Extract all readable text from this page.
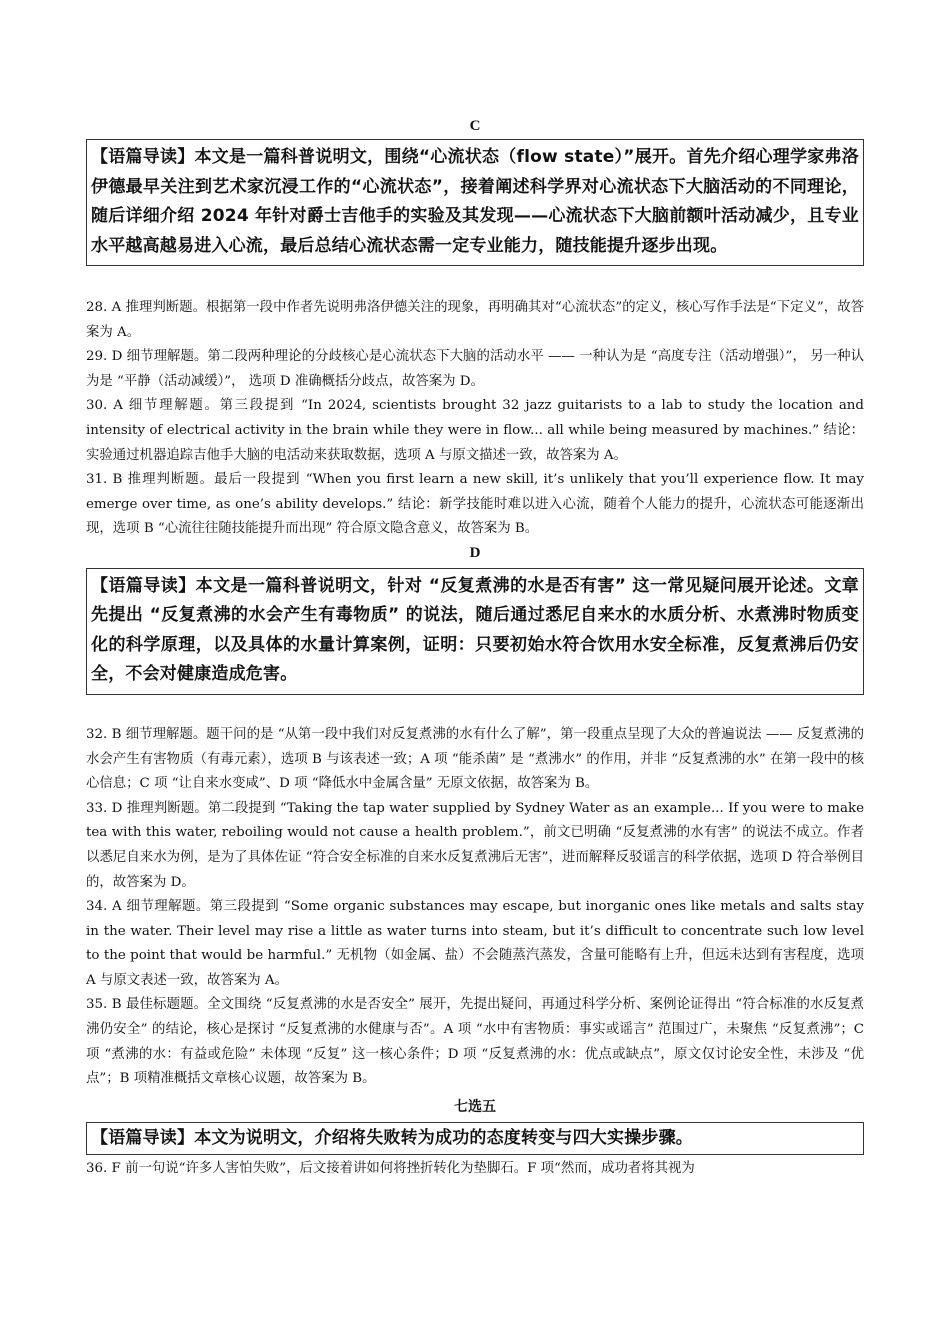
C
【语篇导读】本文是一篇科普说明文，围绕“心流状态（flow state）”展开。首先介绍心理学家弗洛伊德最早关注到艺术家沉浸工作的“心流状态”，接着阐述科学界对心流状态下大脑活动的不同理论，随后详细介绍 2024 年针对爵士吉他手的实验及其发现——心流状态下大脑前额叶活动减少，且专业水平越高越易进入心流，最后总结心流状态需一定专业能力，随技能提升逐步出现。

28. A 推理判断题。根据第一段中作者先说明弗洛伊德关注的现象，再明确其对“心流状态”的定义，核心写作手法是“下定义”，故答案为 A。

29. D 细节理解题。第二段两种理论的分歧核心是心流状态下大脑的活动水平 —— 一种认为是 “高度专注（活动增强）”， 另一种认为是 “平静（活动减缓）”， 选项 D 准确概括分歧点，故答案为 D。

30. A 细节理解题。第三段提到 “In 2024, scientists brought 32 jazz guitarists to a lab to study the location and intensity of electrical activity in the brain while they were in flow... all while being measured by machines.” 结论：实验通过机器追踪吉他手大脑的电活动来获取数据，选项 A 与原文描述一致，故答案为 A。

31. B 推理判断题。最后一段提到 “When you first learn a new skill, it’s unlikely that you’ll experience flow. It may emerge over time, as one’s ability develops.” 结论：新学技能时难以进入心流，随着个人能力的提升，心流状态可能逐渐出现，选项 B “心流往往随技能提升而出现” 符合原文隐含意义，故答案为 B。

D
【语篇导读】本文是一篇科普说明文，针对 “反复煮沸的水是否有害” 这一常见疑问展开论述。文章先提出 “反复煮沸的水会产生有毒物质” 的说法，随后通过悉尼自来水的水质分析、水煮沸时物质变化的科学原理，以及具体的水量计算案例，证明：只要初始水符合饮用水安全标准，反复煮沸后仍安全，不会对健康造成危害。

32. B 细节理解题。题干问的是 “从第一段中我们对反复煮沸的水有什么了解”，第一段重点呈现了大众的普遍说法 —— 反复煮沸的水会产生有害物质（有毒元素），选项 B 与该表述一致；A 项 “能杀菌” 是 “煮沸水” 的作用，并非 “反复煮沸的水” 在第一段中的核心信息；C 项 “让自来水变咸”、D 项 “降低水中金属含量” 无原文依据，故答案为 B。

33. D 推理判断题。第二段提到 “Taking the tap water supplied by Sydney Water as an example... If you were to make tea with this water, reboiling would not cause a health problem.”，前文已明确 “反复煮沸的水有害” 的说法不成立。作者以悉尼自来水为例，是为了具体佐证 “符合安全标准的自来水反复煮沸后无害”，进而解释反驳谣言的科学依据，选项 D 符合举例目的，故答案为 D。

34. A 细节理解题。第三段提到 “Some organic substances may escape, but inorganic ones like metals and salts stay in the water. Their level may rise a little as water turns into steam, but it’s difficult to concentrate such low level to the point that would be harmful.” 无机物（如金属、盐）不会随蒸汽蒸发，含量可能略有上升，但远未达到有害程度，选项 A 与原文表述一致，故答案为 A。

35. B 最佳标题题。全文围绕 “反复煮沸的水是否安全” 展开，先提出疑问，再通过科学分析、案例论证得出 “符合标准的水反复煮沸仍安全” 的结论，核心是探讨 “反复煮沸的水健康与否”。A 项 “水中有害物质：事实或谣言” 范围过广，未聚焦 “反复煮沸”；C 项 “煮沸的水：有益或危险” 未体现 “反复” 这一核心条件；D 项 “反复煮沸的水：优点或缺点”，原文仅讨论安全性，未涉及 “优点”；B 项精准概括文章核心议题，故答案为 B。

七选五
【语篇导读】本文为说明文，介绍将失败转为成功的态度转变与四大实操步骤。

36. F 前一句说“许多人害怕失败”，后文接着讲如何将挫折转化为垫脚石。F 项“然而，成功者将其视为
